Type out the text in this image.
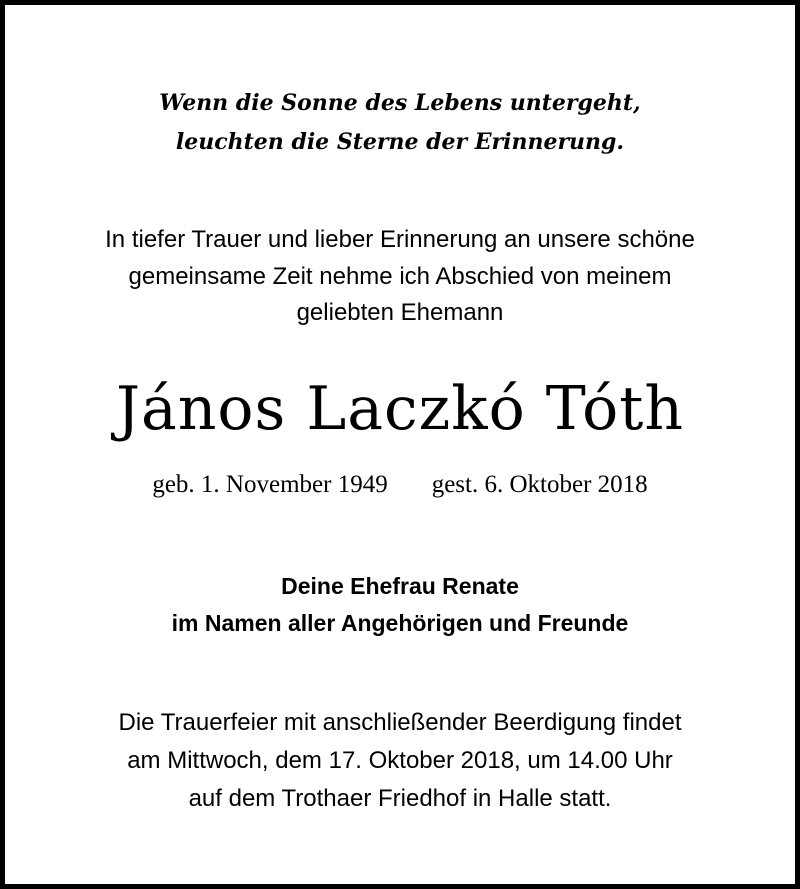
Wenn die Sonne des Lebens untergeht,
leuchten die Sterne der Erinnerung.
In tiefer Trauer und lieber Erinnerung an unsere schöne
gemeinsame Zeit nehme ich Abschied von meinem
geliebten Ehemann
János Laczkó Tóth
geb. 1. November 1949 gest. 6. Oktober 2018
Deine Ehefrau Renate
im Namen aller Angehörigen und Freunde
Die Trauerfeier mit anschließender Beerdigung findet
am Mittwoch, dem 17. Oktober 2018, um 14.00 Uhr
auf dem Trothaer Friedhof in Halle statt.
